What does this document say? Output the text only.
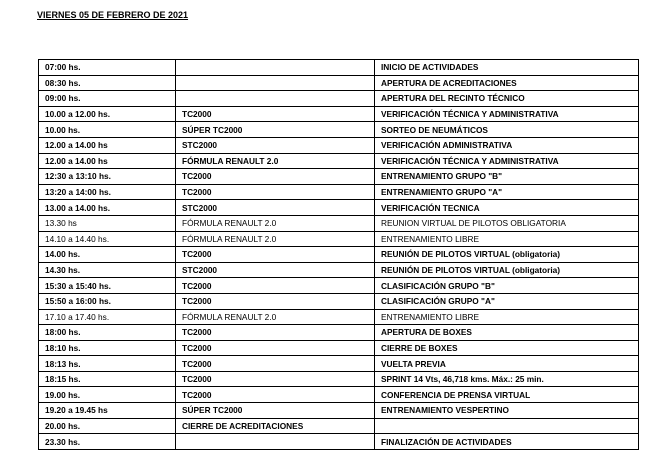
VIERNES 05 DE FEBRERO DE 2021
07:00 hs.		INICIO DE ACTIVIDADES
08:30 hs.		APERTURA DE ACREDITACIONES
09:00 hs.		APERTURA DEL RECINTO TÉCNICO
10.00 a 12.00 hs.	TC2000	VERIFICACIÓN TÉCNICA Y ADMINISTRATIVA
10.00 hs.	SÚPER TC2000	SORTEO DE NEUMÁTICOS
12.00 a 14.00 hs	STC2000	VERIFICACIÓN ADMINISTRATIVA
12.00 a 14.00 hs	FÓRMULA RENAULT 2.0	VERIFICACIÓN TÉCNICA Y ADMINISTRATIVA
12:30 a 13:10 hs.	TC2000	ENTRENAMIENTO GRUPO "B"
13:20 a 14:00 hs.	TC2000	ENTRENAMIENTO GRUPO "A"
13.00 a 14.00 hs.	STC2000	VERIFICACIÓN TECNICA
13.30 hs	FÓRMULA RENAULT 2.0	REUNION VIRTUAL DE PILOTOS OBLIGATORIA
14.10 a 14.40 hs.	FÓRMULA RENAULT 2.0	ENTRENAMIENTO LIBRE
14.00 hs.	TC2000	REUNIÓN DE PILOTOS VIRTUAL (obligatoria)
14.30 hs.	STC2000	REUNIÓN DE PILOTOS VIRTUAL (obligatoria)
15:30 a 15:40 hs.	TC2000	CLASIFICACIÓN GRUPO "B"
15:50 a 16:00 hs.	TC2000	CLASIFICACIÓN GRUPO "A"
17.10 a 17.40 hs.	FÓRMULA RENAULT 2.0	ENTRENAMIENTO LIBRE
18:00 hs.	TC2000	APERTURA DE BOXES
18:10 hs.	TC2000	CIERRE DE BOXES
18:13 hs.	TC2000	VUELTA PREVIA
18:15 hs.	TC2000	SPRINT 14 Vts, 46,718 kms. Máx.: 25 min.
19.00 hs.	TC2000	CONFERENCIA DE PRENSA VIRTUAL
19.20 a 19.45 hs	SÚPER TC2000	ENTRENAMIENTO VESPERTINO
20.00 hs.	CIERRE DE ACREDITACIONES	
23.30 hs.		FINALIZACIÓN DE ACTIVIDADES
